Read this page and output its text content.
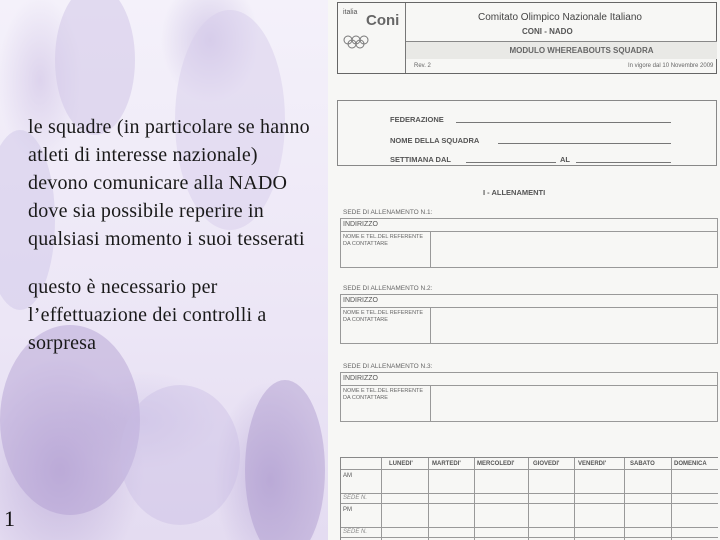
le squadre (in particolare se hanno atleti di interesse nazionale) devono comunicare alla NADO dove sia possibile reperire in qualsiasi momento i suoi tesserati

questo è necessario per l’effettuazione dei controlli a sorpresa

1
italia Coni	Comitato Olimpico Nazionale Italiano
CONI - NADO
MODULO WHEREABOUTS SQUADRA
Rev. 2	In vigore dal 10 Novembre 2009
FEDERAZIONE
NOME DELLA SQUADRA
SETTIMANA DAL	AL
I - ALLENAMENTI
SEDE DI ALLENAMENTO N.1:
INDIRIZZO
NOME E TEL.DEL REFERENTE DA CONTATTARE
SEDE DI ALLENAMENTO N.2:
INDIRIZZO
NOME E TEL.DEL REFERENTE DA CONTATTARE
SEDE DI ALLENAMENTO N.3:
INDIRIZZO
NOME E TEL.DEL REFERENTE DA CONTATTARE
LUNEDI'	MARTEDI'	MERCOLEDI'	GIOVEDI'	VENERDI'	SABATO	DOMENICA
AM
SEDE N.
PM
SEDE N.
